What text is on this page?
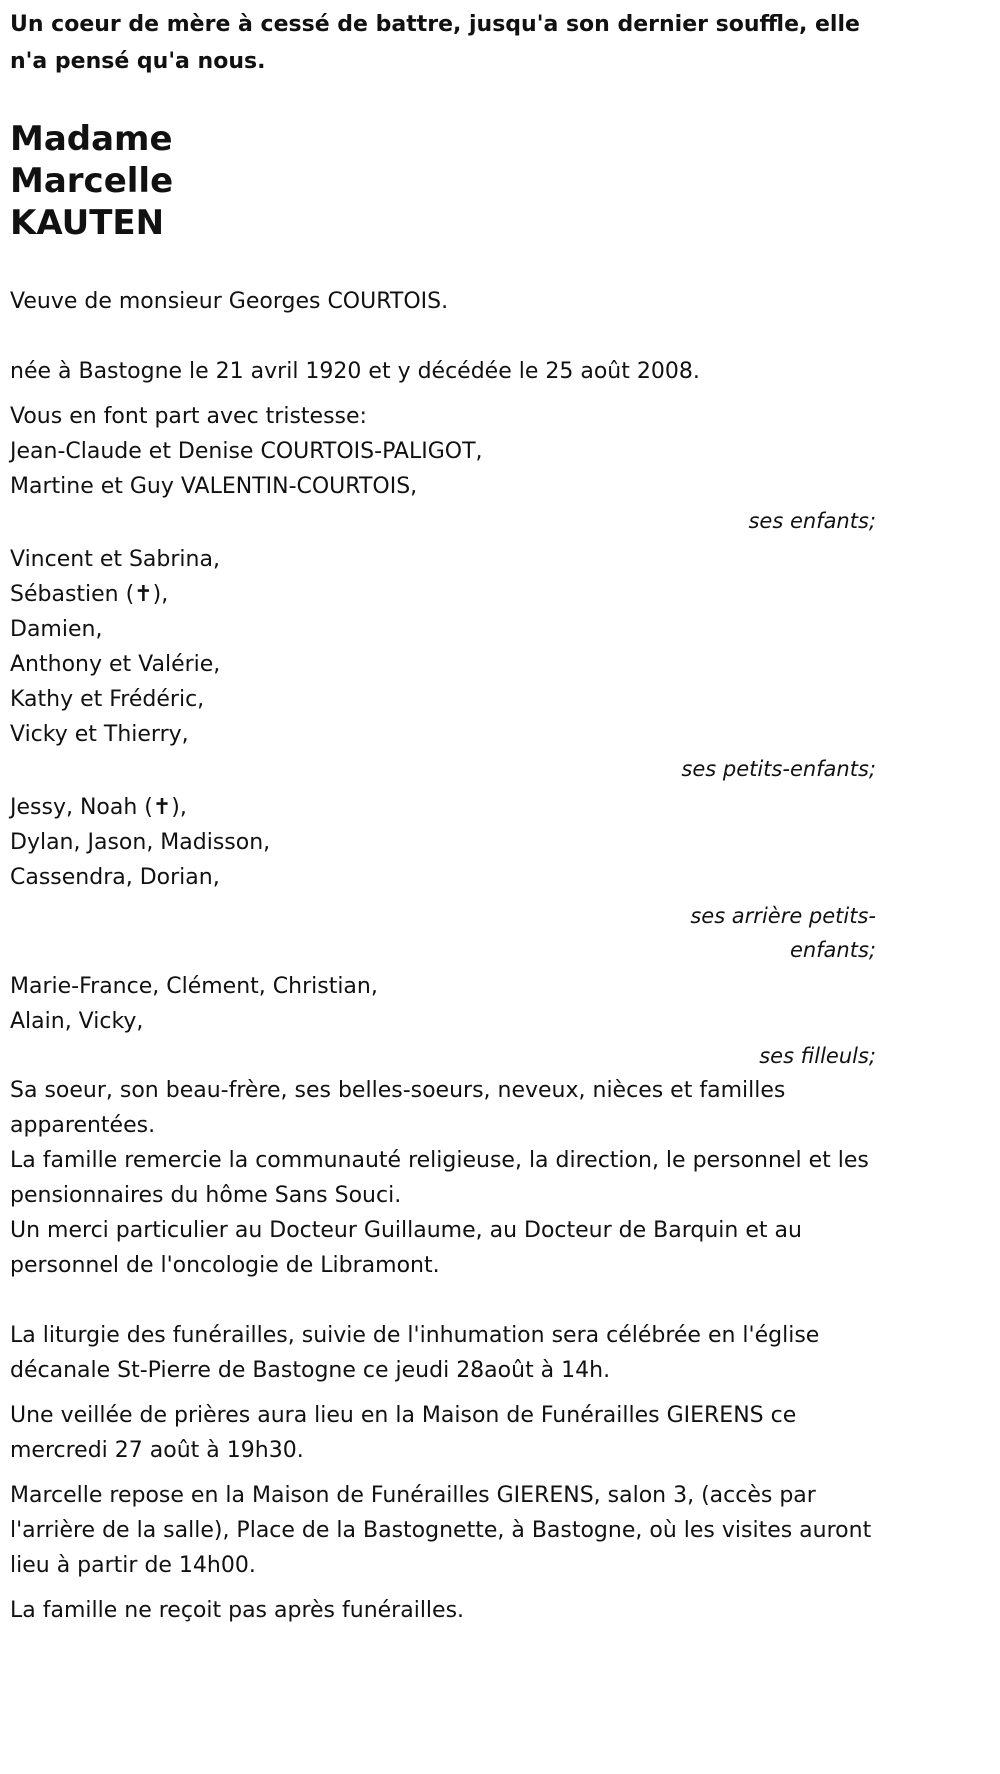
Un coeur de mère à cessé de battre, jusqu'a son dernier souffle, elle n'a pensé qu'a nous.

Madame
Marcelle
KAUTEN

Veuve de monsieur Georges COURTOIS.

née à Bastogne le 21 avril 1920 et y décédée le 25 août 2008.

Vous en font part avec tristesse:

Jean-Claude et Denise COURTOIS-PALIGOT,
Martine et Guy VALENTIN-COURTOIS,
ses enfants;
Vincent et Sabrina,
Sébastien (✝),
Damien,
Anthony et Valérie,
Kathy et Frédéric,
Vicky et Thierry,
ses petits-enfants;
Jessy, Noah (✝),
Dylan, Jason, Madisson,
Cassendra, Dorian,
ses arrière petits-
enfants;
Marie-France, Clément, Christian,
Alain, Vicky,
ses filleuls;

Sa soeur, son beau-frère, ses belles-soeurs, neveux, nièces et familles apparentées.

La famille remercie la communauté religieuse, la direction, le personnel et les pensionnaires du hôme Sans Souci.

Un merci particulier au Docteur Guillaume, au Docteur de Barquin et au personnel de l'oncologie de Libramont.

La liturgie des funérailles, suivie de l'inhumation sera célébrée en l'église décanale St-Pierre de Bastogne ce jeudi 28août à 14h.

Une veillée de prières aura lieu en la Maison de Funérailles GIERENS ce mercredi 27 août à 19h30.

Marcelle repose en la Maison de Funérailles GIERENS, salon 3, (accès par l'arrière de la salle), Place de la Bastognette, à Bastogne, où les visites auront lieu à partir de 14h00.

La famille ne reçoit pas après funérailles.
